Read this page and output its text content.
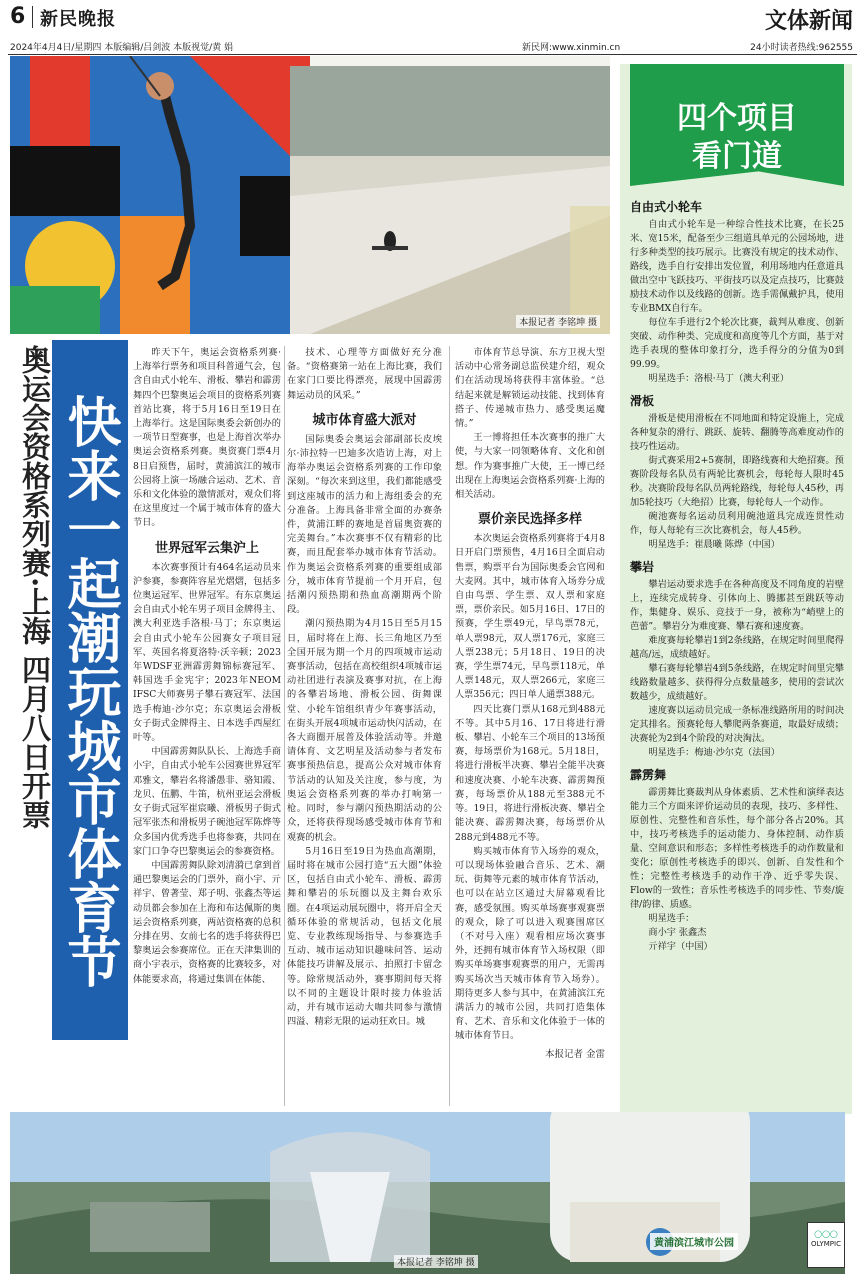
6 新民晚报	文体新闻
2024年4月4日/星期四 本版编辑/吕剑波 本版视觉/黄 娟	新民网:www.xinmin.cn	24小时读者热线:962555
本报记者 李铭坤 摄
四个项目
看门道
自由式小轮车

自由式小轮车是一种综合性技术比赛，在长25米、宽15米，配备至少三组道具单元的公园场地，进行多种类型的技巧展示。比赛没有规定的技术动作、路线，选手自行安排出发位置，利用场地内任意道具做出空中飞跃技巧、平街技巧以及定点技巧，比赛鼓励技术动作以及线路的创新。选手需佩戴护具，使用专业BMX自行车。

每位车手进行2个轮次比赛，裁判从难度、创新突破、动作种类、完成度和高度等几个方面，基于对选手表现的整体印象打分，选手得分的分值为0到99.99。

明星选手：洛根·马丁（澳大利亚）

滑板

滑板是使用滑板在不同地面和特定设施上，完成各种复杂的滑行、跳跃、旋转、翻腾等高难度动作的技巧性运动。

街式赛采用2+5赛制，即路线赛和大绝招赛。预赛阶段每名队员有两轮比赛机会，每轮每人限时45秒。决赛阶段每名队员两轮路线，每轮每人45秒，再加5轮技巧（大绝招）比赛，每轮每人一个动作。

碗池赛每名运动员利用碗池道具完成连贯性动作，每人每轮有三次比赛机会，每人45秒。

明星选手：崔晨曦 陈烨（中国）

攀岩

攀岩运动要求选手在各种高度及不同角度的岩壁上，连续完成转身、引体向上、腾挪甚至跳跃等动作，集健身、娱乐、竞技于一身，被称为“峭壁上的芭蕾”。攀岩分为难度赛、攀石赛和速度赛。

难度赛每轮攀岩1到2条线路，在规定时间里爬得越高/远，成绩越好。

攀石赛每轮攀岩4到5条线路，在规定时间里完攀线路数量越多、获得得分点数量越多，使用的尝试次数越少，成绩越好。

速度赛以运动员完成一条标准线路所用的时间决定其排名。预赛轮每人攀爬两条赛道，取最好成绩；决赛轮为2到4个阶段的对决淘汰。

明星选手：梅迪·沙尔克（法国）

霹雳舞

霹雳舞比赛裁判从身体素质、艺术性和演绎表达能力三个方面来评价运动员的表现，技巧、多样性、原创性、完整性和音乐性，每个部分各占20%。其中，技巧考核选手的运动能力、身体控制、动作质量、空间意识和形态；多样性考核选手的动作数量和变化；原创性考核选手的即兴、创新、自发性和个性；完整性考核选手的动作干净、近乎零失误、Flow的一致性；音乐性考核选手的同步性、节奏/旋律/韵律、质感。

明星选手：

商小宇 张鑫杰

亓祥宇（中国）

奥运会资格系列赛·上海 四月八日开票 快来一起潮玩城市体育节

昨天下午，奥运会资格系列赛·上海举行票务和项目科普通气会，包含自由式小轮车、滑板、攀岩和霹雳舞四个巴黎奥运会项目的资格系列赛首站比赛，将于5月16日至19日在上海举行。这是国际奥委会新创办的一项节日型赛事，也是上海首次举办奥运会资格系列赛。奥资赛门票4月8日启预售，届时，黄浦滨江的城市公园将上演一场融合运动、艺术、音乐和文化体验的激情派对，观众们将在这里度过一个属于城市体育的盛大节日。

世界冠军云集沪上

本次赛事预计有464名运动员来沪参赛，参赛阵容星光熠熠，包括多位奥运冠军、世界冠军。有东京奥运会自由式小轮车男子项目金牌得主、澳大利亚选手洛根·马丁；东京奥运会自由式小轮车公园赛女子项目冠军、英国名将夏洛特·沃辛顿；2023年WDSF亚洲霹雳舞锦标赛冠军、韩国选手金宪宇；2023年NEOM IFSC大师赛男子攀石赛冠军、法国选手梅迪·沙尔克；东京奥运会滑板女子街式金牌得主、日本选手西屋红叶等。

中国霹雳舞队队长、上海选手商小宇，自由式小轮车公园赛世界冠军邓雅文，攀岩名将潘愚非、骆知霞、龙贝、伍鹏、牛笛，杭州亚运会滑板女子街式冠军崔宸曦、滑板男子街式冠军张杰和滑板男子碗池冠军陈烨等众多国内优秀选手也将参赛，共同在家门口争夺巴黎奥运会的参赛资格。

中国霹雳舞队除刘清漪已拿到首通巴黎奥运会的门票外，商小宇、亓祥宇、曾著莹、郑子明、张鑫杰等运动员都会参加在上海和布达佩斯的奥运会资格系列赛，两站资格赛的总积分排在男、女前七名的选手将获得巴黎奥运会参赛席位。正在天津集训的商小宇表示，资格赛的比赛较多，对体能要求高，将通过集训在体能、

技术、心理等方面做好充分准备。“资格赛第一站在上海比赛，我们在家门口要比得漂亮，展现中国霹雳舞运动员的风采。”

城市体育盛大派对

国际奥委会奥运会部副部长皮埃尔·沛拉特一巴迪多次造访上海，对上海举办奥运会资格系列赛的工作印象深刻。“每次来到这里，我们都能感受到这座城市的活力和上海组委会的充分准备。上海具备非常全面的办赛条件，黄浦江畔的赛地是首届奥资赛的完美舞台。”本次赛事不仅有精彩的比赛，而且配套举办城市体育节活动。作为奥运会资格系列赛的重要组成部分，城市体育节提前一个月开启，包括潮闪预热期和热血高潮期两个阶段。

潮闪预热期为4月15日至5月15日，届时将在上海、长三角地区乃至全国开展为期一个月的四项城市运动赛事活动，包括在高校组织4项城市运动社团进行表演及赛事对抗，在上海的各攀岩场地、滑板公园、街舞课堂、小轮车馆组织青少年赛事活动，在街头开展4项城市运动快闪活动，在各大商圈开展普及体验活动等。并邀请体育、文艺明星及活动参与者发布赛事预热信息，提高公众对城市体育节活动的认知及关注度，参与度，为奥运会资格系列赛的举办打响第一枪。同时，参与潮闪预热期活动的公众，还将获得现场感受城市体育节和观赛的机会。

5月16日至19日为热血高潮期，届时将在城市公园打造“五大圈”体验区，包括自由式小轮车、滑板、霹雳舞和攀岩的乐玩圈以及主舞台欢乐圈。在4项运动展玩圈中，将开启全天循环体验的常规活动，包括文化展览、专业教练现场指导、与参赛选手互动、城市运动知识趣味问答、运动体能技巧讲解及展示、拍照打卡留念等。除常规活动外，赛事期间每天将以不同的主题设计限时接力体验活动，并有城市运动大咖共同参与激情四溢、精彩无限的运动狂欢日。城

市体育节总导演、东方卫视大型活动中心常务副总监侯建介绍，观众们在活动现场将获得丰富体验。“总结起来就是解锁运动技能、找到体育搭子、传递城市热力、感受奥运魔情。”

王一博将担任本次赛事的推广大使，与大家一同领略体育、文化和创想。作为赛事推广大使，王一博已经出现在上海奥运会资格系列赛·上海的相关活动。

票价亲民选择多样

本次奥运会资格系列赛将于4月8日开启门票预售，4月16日全面启动售票，购票平台为国际奥委会官网和大麦网。其中，城市体育入场券分成自由鸟票、学生票、双人票和家庭票，票价亲民。如5月16日、17日的预赛，学生票49元，早鸟票78元，单人票98元，双人票176元，家庭三人票238元；5月18日、19日的决赛，学生票74元，早鸟票118元，单人票148元，双人票266元，家庭三人票356元；四日单人通票388元。

四天比赛门票从168元到488元不等。其中5月16、17日将进行滑板、攀岩、小轮车三个项目的13场预赛，每场票价为168元。5月18日，将进行滑板半决赛、攀岩全能半决赛和速度决赛、小轮车决赛、霹雳舞预赛，每场票价从188元至388元不等。19日，将进行滑板决赛、攀岩全能决赛、霹雳舞决赛，每场票价从288元到488元不等。

购买城市体育节入场券的观众，可以现场体验融合音乐、艺术、潮玩、街舞等元素的城市体育节活动，也可以在站立区通过大屏幕观看比赛，感受氛围。购买单场赛事观赛票的观众，除了可以进入观赛围席区（不对号入座）观看相应场次赛事外，还拥有城市体育节入场权限（即购买单场赛事观赛票的用户，无需再购买场次当天城市体育节入场券）。期待更多人参与其中，在黄浦滨江充满活力的城市公园，共同打造集体育、艺术、音乐和文化体验于一体的城市体育节日。

本报记者 金雷
本报记者 李铭坤 摄
黄浦滨江城市公园
◯◯◯
OLYMPIC
